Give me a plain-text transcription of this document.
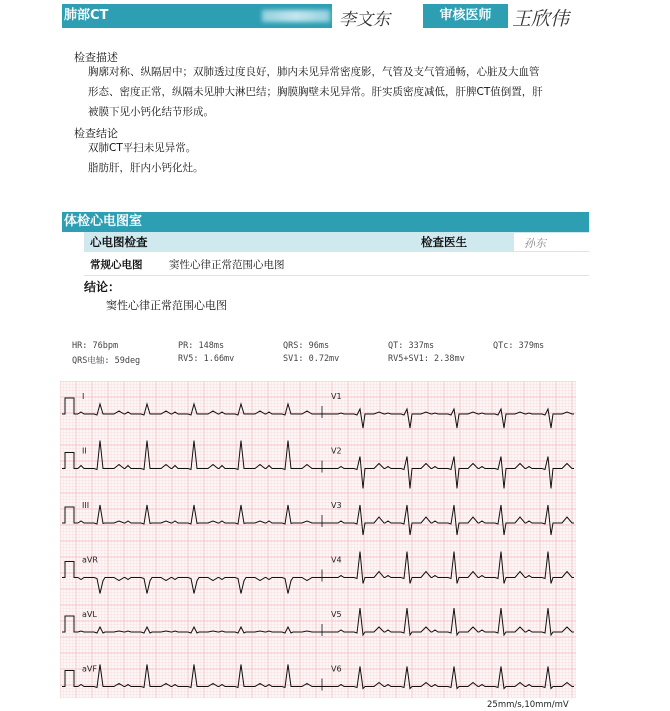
肺部CT	李文东	审核医师	王欣伟
检查描述
胸廓对称、纵隔居中；双肺透过度良好，肺内未见异常密度影，气管及支气管通畅，心脏及大血管
形态、密度正常，纵隔未见肿大淋巴结；胸膜胸壁未见异常。肝实质密度减低，肝脾CT值倒置，肝
被膜下见小钙化结节形成。
检查结论
双肺CT平扫未见异常。
脂肪肝，肝内小钙化灶。
体检心电图室
心电图检查	检查医生	孙东
常规心电图	窦性心律正常范围心电图
结论：
窦性心律正常范围心电图
HR: 76bpm	PR: 148ms	QRS: 96ms	QT: 337ms	QTc: 379ms
QRS电轴: 59deg	RV5: 1.66mv	SV1: 0.72mv	RV5+SV1: 2.38mv
I
II
III
aVR
aVL
aVF
V1
V2
V3
V4
V5
V6
25mm/s,10mm/mV
